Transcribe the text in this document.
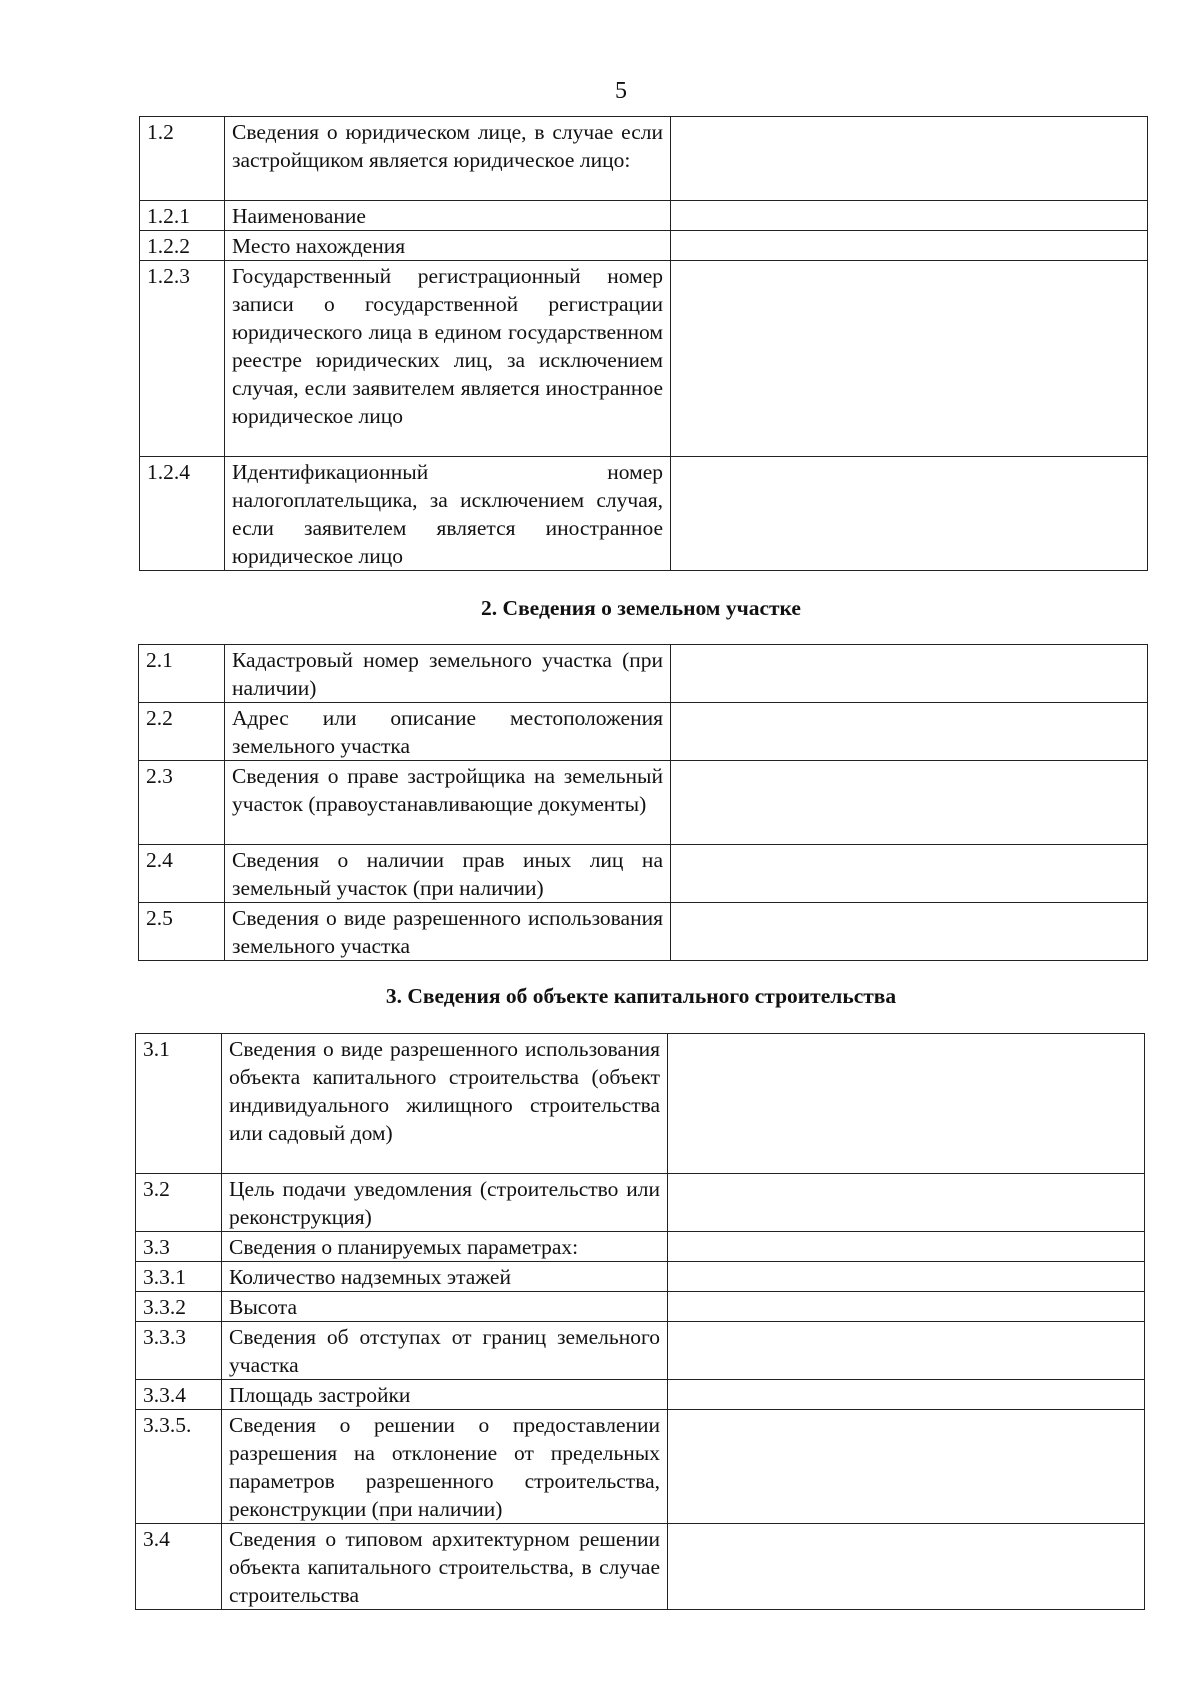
5
1.2	Сведения о юридическом лице, в случае если застройщиком является юридическое лицо:	
1.2.1	Наименование	
1.2.2	Место нахождения	
1.2.3	Государственный регистрационный номер записи о государственной регистрации юридического лица в едином государственном реестре юридических лиц, за исключением случая, если заявителем является иностранное юридическое лицо	
1.2.4	Идентификационный номер налогоплательщика, за исключением случая, если заявителем является иностранное юридическое лицо	
2. Сведения о земельном участке
2.1	Кадастровый номер земельного участка (при наличии)	
2.2	Адрес или описание местоположения земельного участка	
2.3	Сведения о праве застройщика на земельный участок (правоустанавливающие документы)	
2.4	Сведения о наличии прав иных лиц на земельный участок (при наличии)	
2.5	Сведения о виде разрешенного использования земельного участка	
3. Сведения об объекте капитального строительства
3.1	Сведения о виде разрешенного использования объекта капитального строительства (объект индивидуального жилищного строительства или садовый дом)	
3.2	Цель подачи уведомления (строительство или реконструкция)	
3.3	Сведения о планируемых параметрах:	
3.3.1	Количество надземных этажей	
3.3.2	Высота	
3.3.3	Сведения об отступах от границ земельного участка	
3.3.4	Площадь застройки	
3.3.5.	Сведения о решении о предоставлении разрешения на отклонение от предельных параметров разрешенного строительства, реконструкции (при наличии)	
3.4	Сведения о типовом архитектурном решении объекта капитального строительства, в случае строительства	
